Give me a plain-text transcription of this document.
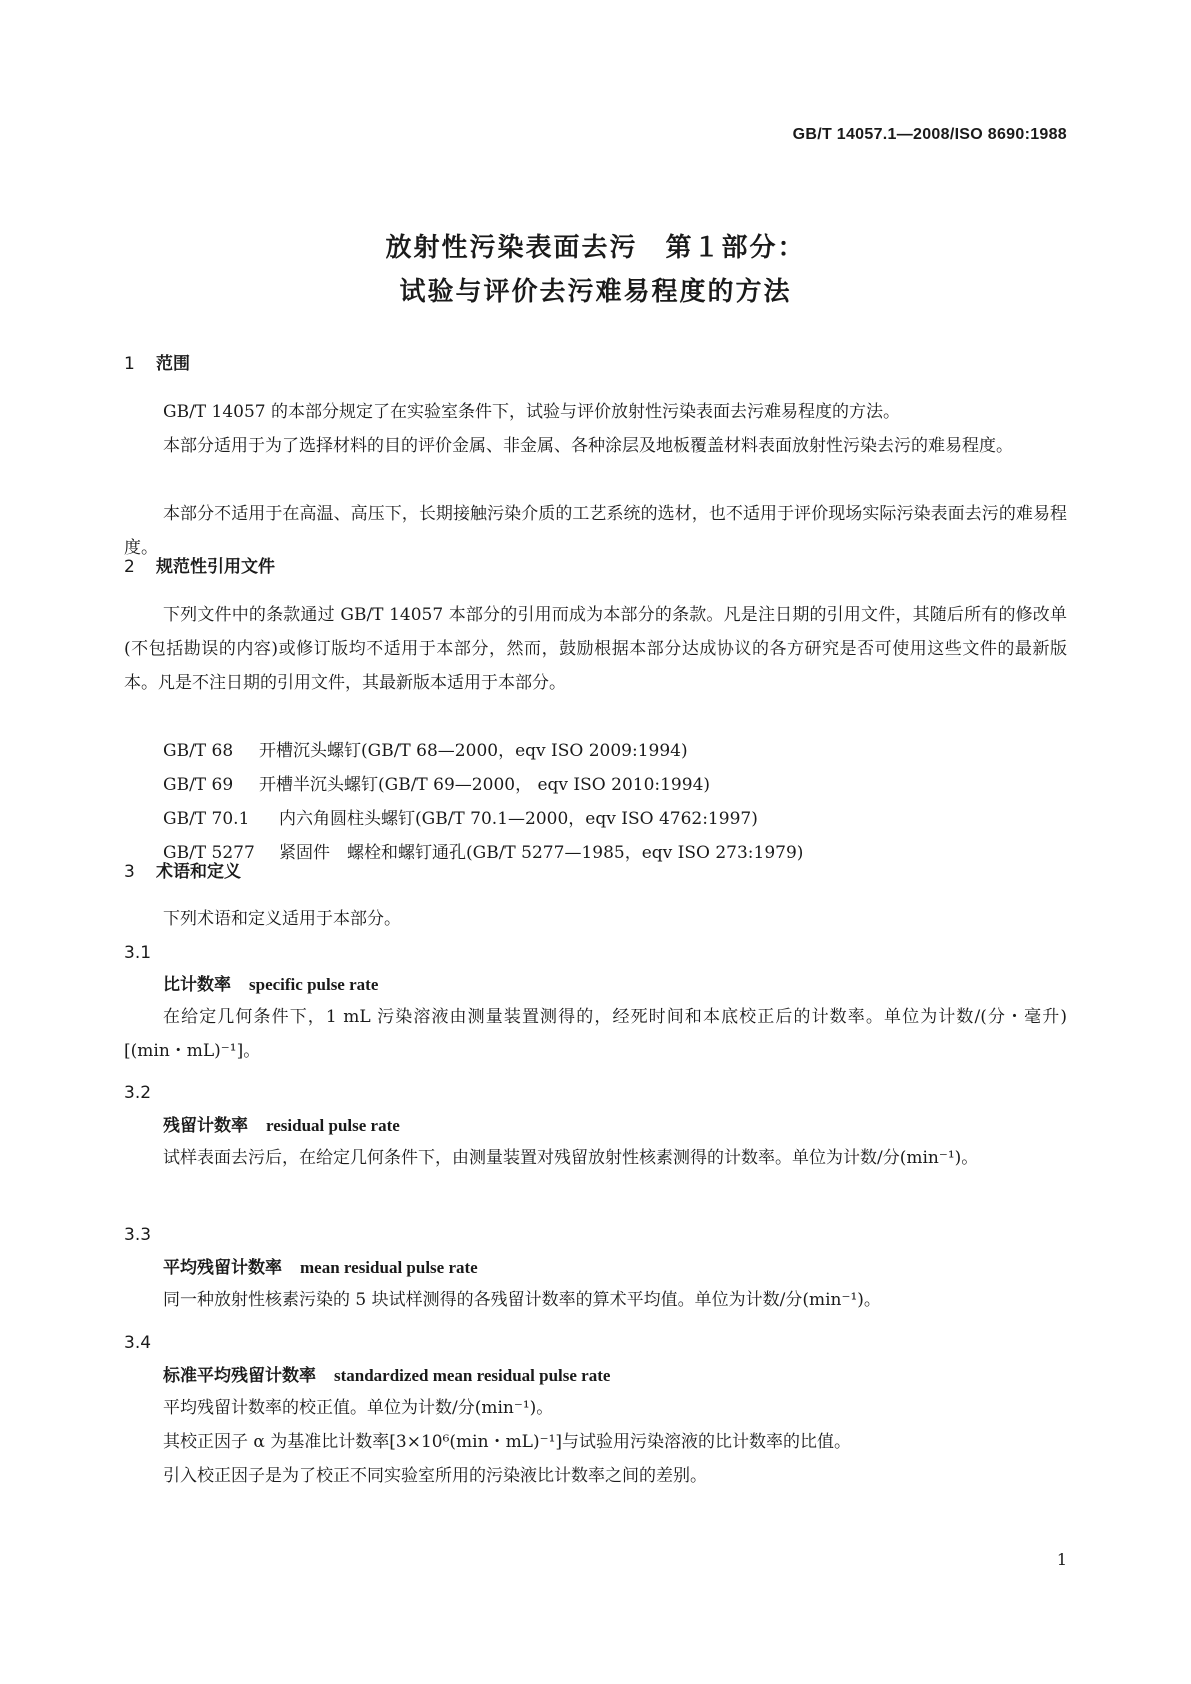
GB/T 14057.1—2008/ISO 8690:1988
放射性污染表面去污　第１部分：
试验与评价去污难易程度的方法
1 范围
GB/T 14057 的本部分规定了在实验室条件下，试验与评价放射性污染表面去污难易程度的方法。
本部分适用于为了选择材料的目的评价金属、非金属、各种涂层及地板覆盖材料表面放射性污染去污的难易程度。
本部分不适用于在高温、高压下，长期接触污染介质的工艺系统的选材，也不适用于评价现场实际污染表面去污的难易程度。
2 规范性引用文件
下列文件中的条款通过 GB/T 14057 本部分的引用而成为本部分的条款。凡是注日期的引用文件，其随后所有的修改单(不包括勘误的内容)或修订版均不适用于本部分，然而，鼓励根据本部分达成协议的各方研究是否可使用这些文件的最新版本。凡是不注日期的引用文件，其最新版本适用于本部分。
GB/T 68 开槽沉头螺钉(GB/T 68—2000，eqv ISO 2009:1994)
GB/T 69 开槽半沉头螺钉(GB/T 69—2000， eqv ISO 2010:1994)
GB/T 70.1 内六角圆柱头螺钉(GB/T 70.1—2000，eqv ISO 4762:1997)
GB/T 5277 紧固件　螺栓和螺钉通孔(GB/T 5277—1985，eqv ISO 273:1979)
3 术语和定义
下列术语和定义适用于本部分。
3.1
比计数率 specific pulse rate
在给定几何条件下，1 mL 污染溶液由测量装置测得的，经死时间和本底校正后的计数率。单位为计数/(分・毫升)[(min・mL)⁻¹]。
3.2
残留计数率 residual pulse rate
试样表面去污后，在给定几何条件下，由测量装置对残留放射性核素测得的计数率。单位为计数/分(min⁻¹)。
3.3
平均残留计数率 mean residual pulse rate
同一种放射性核素污染的 5 块试样测得的各残留计数率的算术平均值。单位为计数/分(min⁻¹)。
3.4
标准平均残留计数率 standardized mean residual pulse rate
平均残留计数率的校正值。单位为计数/分(min⁻¹)。
其校正因子 α 为基准比计数率[3×10⁶(min・mL)⁻¹]与试验用污染溶液的比计数率的比值。
引入校正因子是为了校正不同实验室所用的污染液比计数率之间的差别。
1
